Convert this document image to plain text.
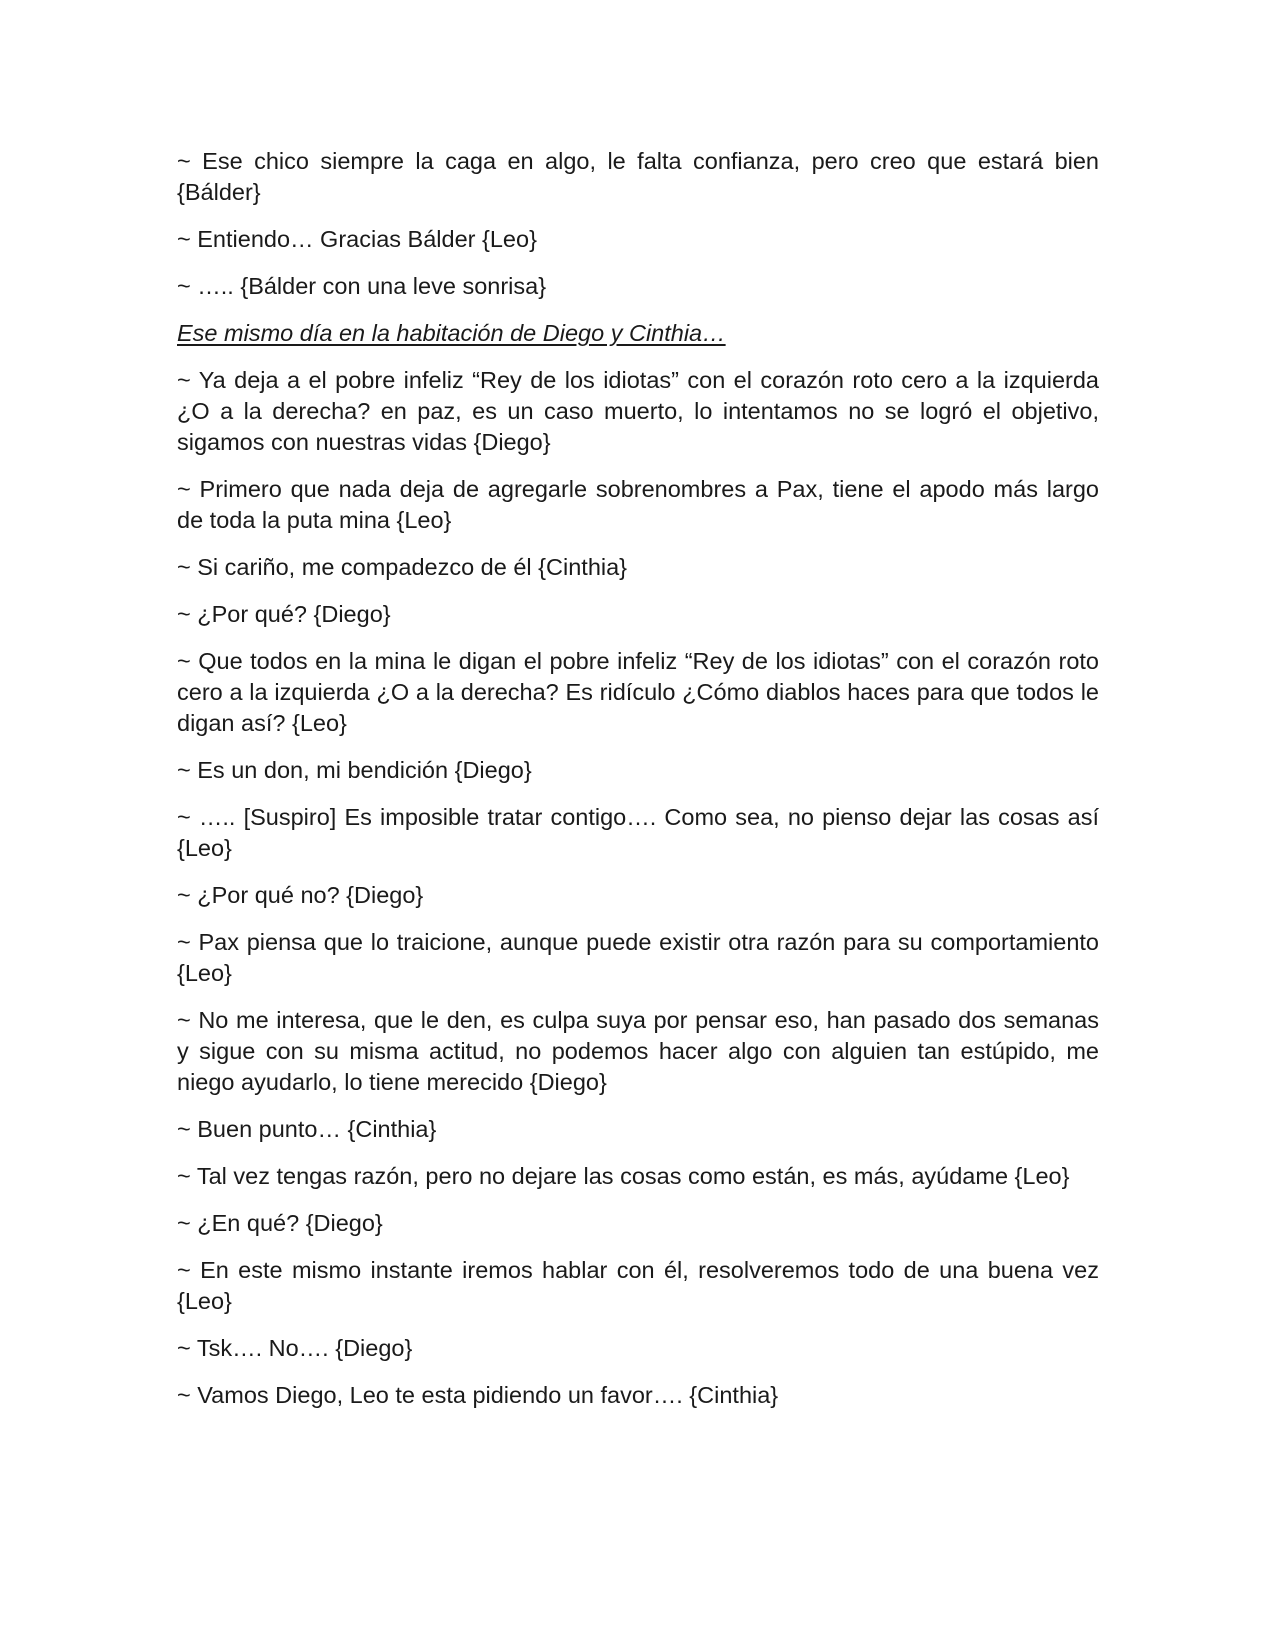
~ Ese chico siempre la caga en algo, le falta confianza, pero creo que estará bien {Bálder}

~ Entiendo… Gracias Bálder {Leo}

~ ….. {Bálder con una leve sonrisa}

Ese mismo día en la habitación de Diego y Cinthia…

~ Ya deja a el pobre infeliz “Rey de los idiotas” con el corazón roto cero a la izquierda ¿O a la derecha? en paz, es un caso muerto, lo intentamos no se logró el objetivo, sigamos con nuestras vidas {Diego}

~ Primero que nada deja de agregarle sobrenombres a Pax, tiene el apodo más largo de toda la puta mina {Leo}

~ Si cariño, me compadezco de él {Cinthia}

~ ¿Por qué? {Diego}

~ Que todos en la mina le digan el pobre infeliz “Rey de los idiotas” con el corazón roto cero a la izquierda ¿O a la derecha? Es ridículo ¿Cómo diablos haces para que todos le digan así? {Leo}

~ Es un don, mi bendición {Diego}

~ ….. [Suspiro] Es imposible tratar contigo…. Como sea, no pienso dejar las cosas así {Leo}

~ ¿Por qué no? {Diego}

~ Pax piensa que lo traicione, aunque puede existir otra razón para su comportamiento {Leo}

~ No me interesa, que le den, es culpa suya por pensar eso, han pasado dos semanas y sigue con su misma actitud, no podemos hacer algo con alguien tan estúpido, me niego ayudarlo, lo tiene merecido {Diego}

~ Buen punto… {Cinthia}

~ Tal vez tengas razón, pero no dejare las cosas como están, es más, ayúdame {Leo}

~ ¿En qué? {Diego}

~ En este mismo instante iremos hablar con él, resolveremos todo de una buena vez {Leo}

~ Tsk…. No…. {Diego}

~ Vamos Diego, Leo te esta pidiendo un favor…. {Cinthia}
